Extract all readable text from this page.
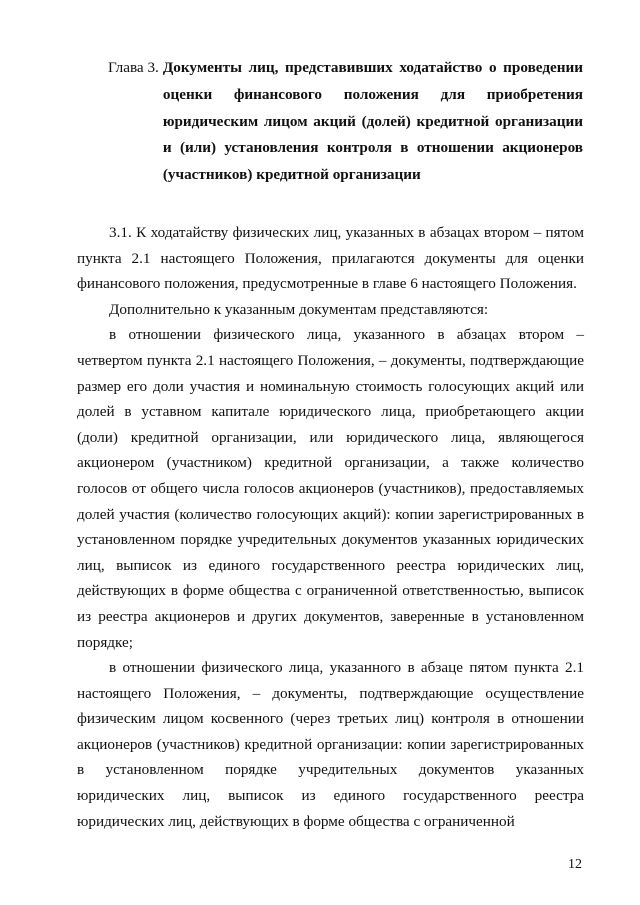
Глава 3. Документы лиц, представивших ходатайство о проведении оценки финансового положения для приобретения юридическим лицом акций (долей) кредитной организации и (или) установления контроля в отношении акционеров (участников) кредитной организации

3.1. К ходатайству физических лиц, указанных в абзацах втором – пятом пункта 2.1 настоящего Положения, прилагаются документы для оценки финансового положения, предусмотренные в главе 6 настоящего Положения.

Дополнительно к указанным документам представляются:

в отношении физического лица, указанного в абзацах втором – четвертом пункта 2.1 настоящего Положения, – документы, подтверждающие размер его доли участия и номинальную стоимость голосующих акций или долей в уставном капитале юридического лица, приобретающего акции (доли) кредитной организации, или юридического лица, являющегося акционером (участником) кредитной организации, а также количество голосов от общего числа голосов акционеров (участников), предоставляемых долей участия (количество голосующих акций): копии зарегистрированных в установленном порядке учредительных документов указанных юридических лиц, выписок из единого государственного реестра юридических лиц, действующих в форме общества с ограниченной ответственностью, выписок из реестра акционеров и других документов, заверенные в установленном порядке;

в отношении физического лица, указанного в абзаце пятом пункта 2.1 настоящего Положения, – документы, подтверждающие осуществление физическим лицом косвенного (через третьих лиц) контроля в отношении акционеров (участников) кредитной организации: копии зарегистрированных в установленном порядке учредительных документов указанных юридических лиц, выписок из единого государственного реестра юридических лиц, действующих в форме общества с ограниченной

12
